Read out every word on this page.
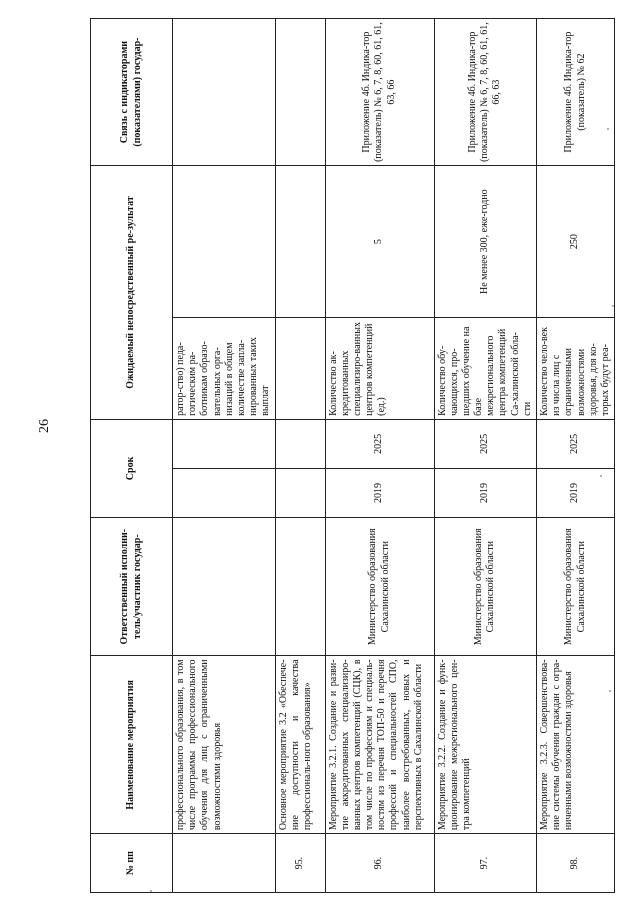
26
№ пп	Наименование мероприятия	Ответственный исполни-тель/участник государ-	Срок		Ожидаемый непосредственный ре-зультат		Связь с индикаторами (показателями) государ-
	профессионального образования, в том числе программы профессионального обучения для лиц с ограниченными возможностями здоровья				ратор-ство) педа-гогическим ра-ботникам образо-вательных орга-низаций в общем количестве запла-нированных таких выплат		
95.	Основное мероприятие 3.2 «Обеспече-ние доступности и качества профессиональ-ного образования»						
96.	Мероприятие 3.2.1. Создание и разви-тие аккредитованных специализиро-ванных центров компетенций (СЦК), в том числе по профессиям и специаль-ностям из перечня ТОП-50 и перечня профессий и специальностей СПО, наиболее востребованных, новых и перспективных в Сахалинской области	Министерство образования Сахалинской области	2019	2025	Количество ак-кредитованных специализиро-ванных центров компетенций (ед.)	5	Приложение 4б. Индика-тор (показатель) № 6, 7, 8, 60, 61, 61, 63, 66
97.	Мероприятие 3.2.2. Создание и функ-ционирование межрегионального цен-тра компетенций	Министерство образования Сахалинской области	2019	2025	Количество обу-чающихся, про-шедших обучение на базе межрегионального центра компетенций Са-халинской обла-сти	Не менее 300, еже-годно	Приложение 4б. Индика-тор (показатель) № 6, 7, 8, 60, 61, 61, 66, 63
98.	Мероприятие 3.2.3. Совершенствова-ние системы обучения граждан с огра-ниченными возможностями здоровья	Министерство образования Сахалинской области	2019	2025	Количество чело-век из числа лиц с ограниченными возможностями здоровья, для ко-торых будут реа-	250	Приложение 4б. Индика-тор (показатель) № 62
